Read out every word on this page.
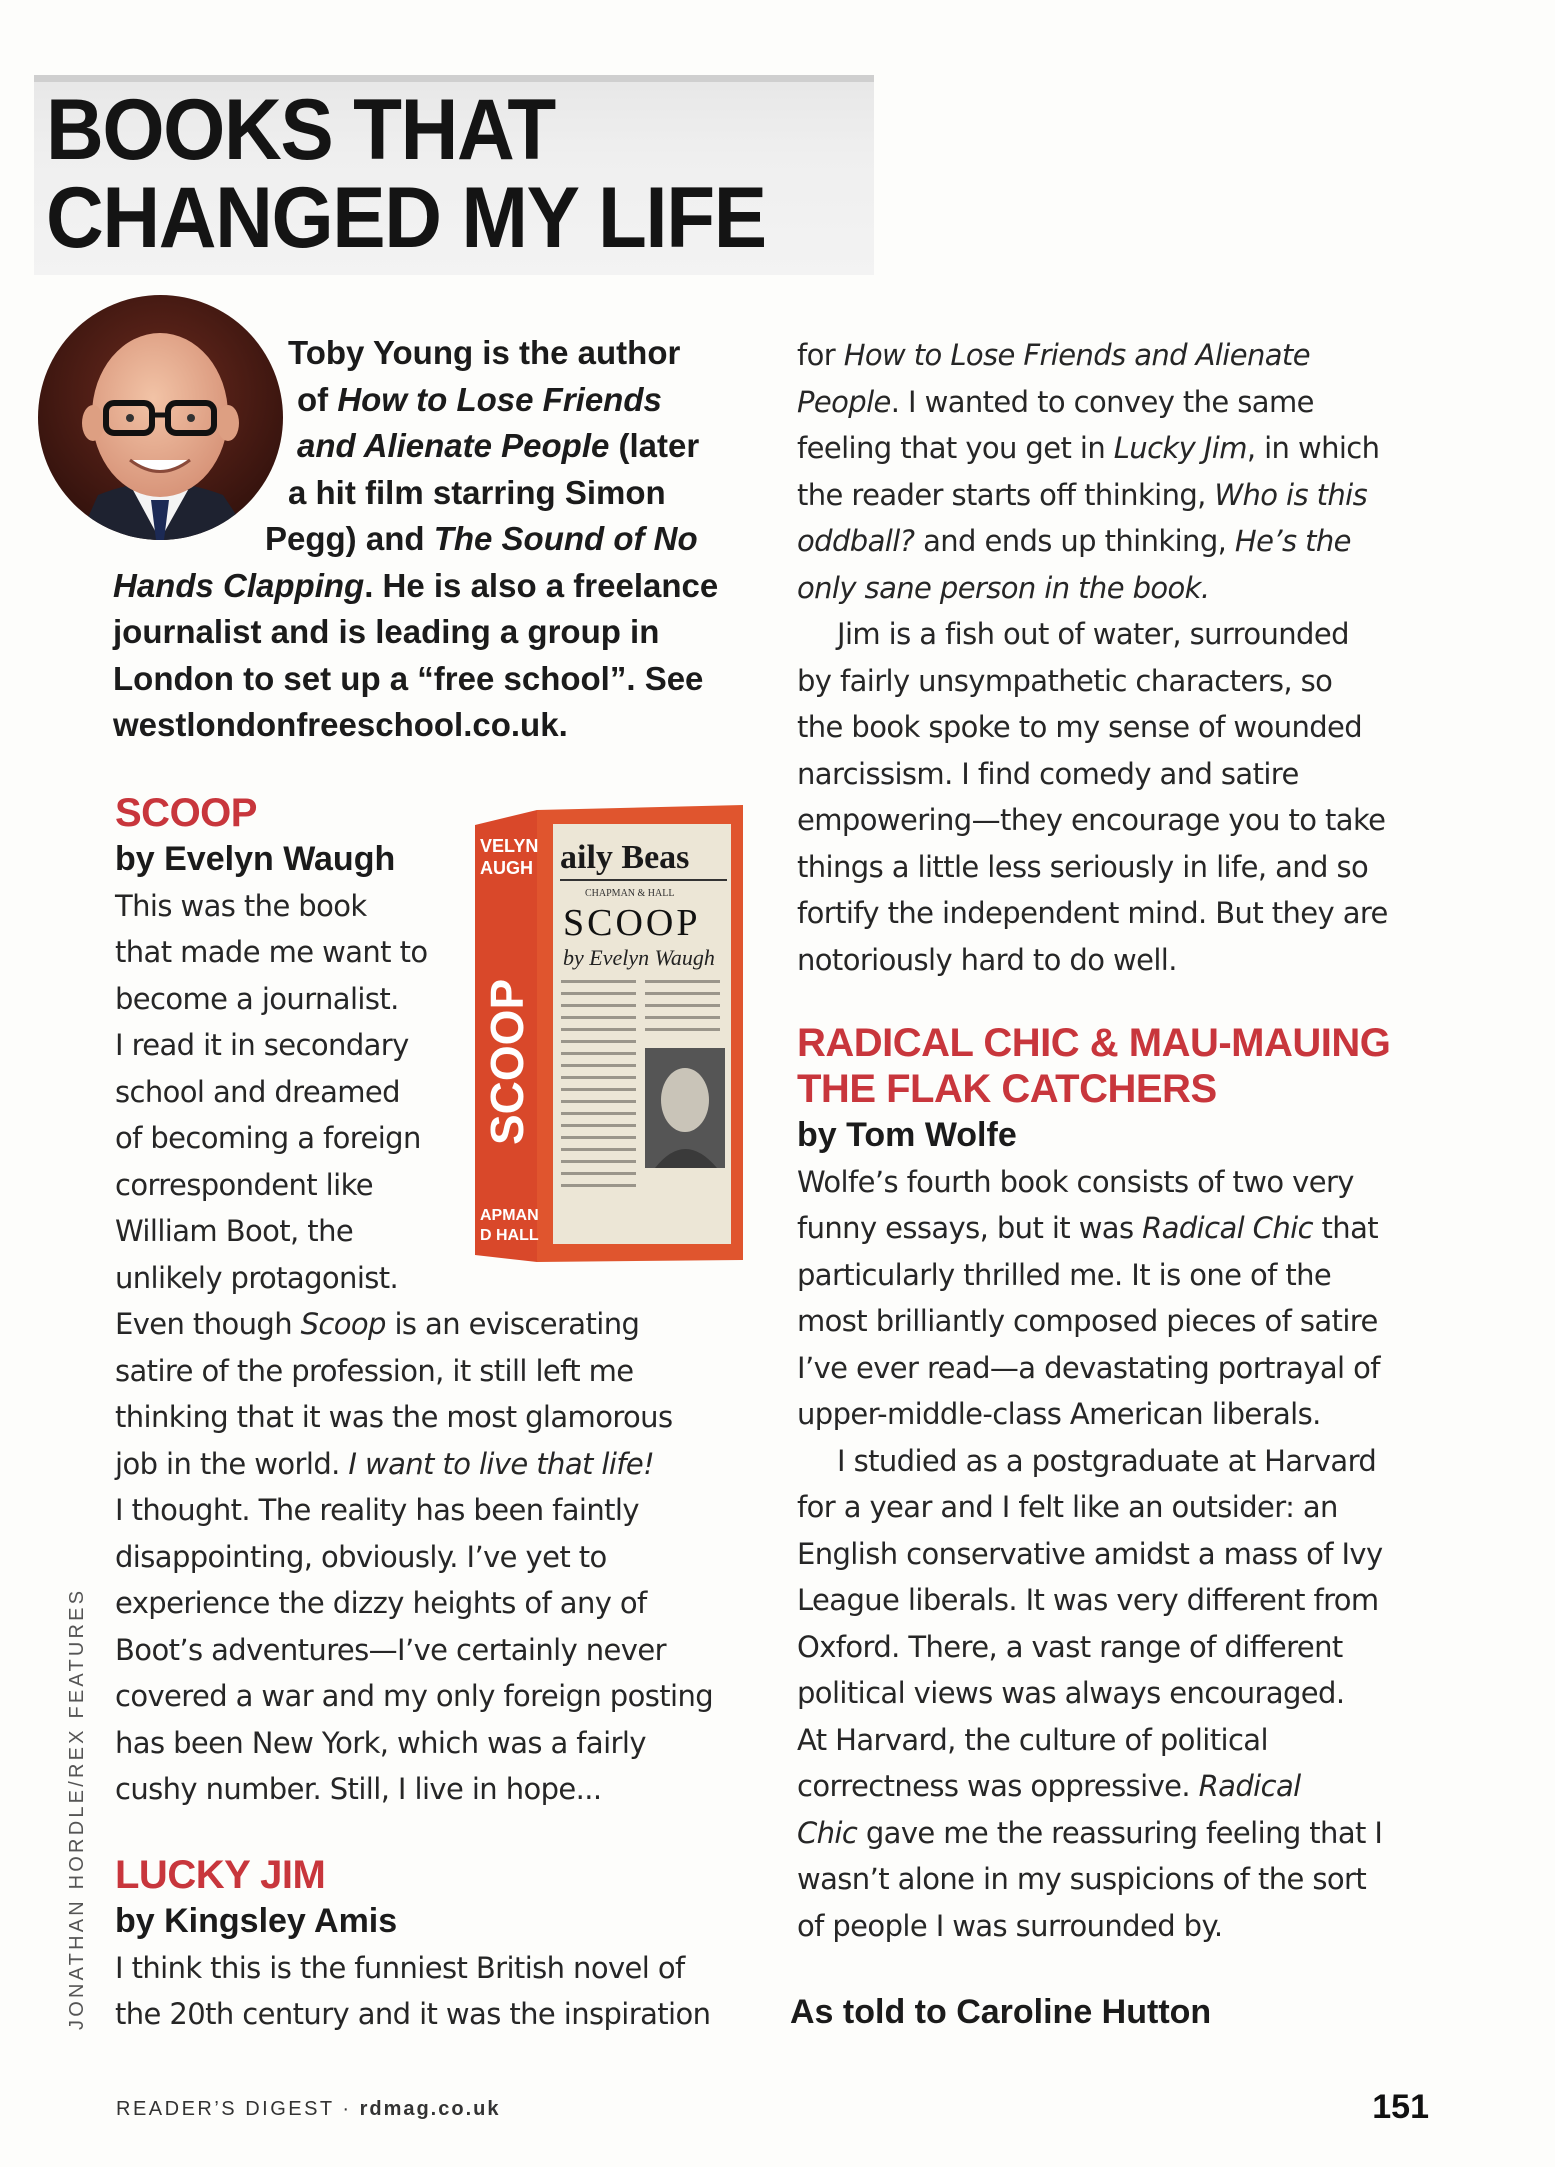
BOOKS THAT
CHANGED MY LIFE
Toby Young is the author
of How to Lose Friends
and Alienate People (later
a hit film starring Simon
Pegg) and The Sound of No
Hands Clapping. He is also a freelance
journalist and is leading a group in
London to set up a “free school”. See
westlondonfreeschool.co.uk.
SCOOP
by Evelyn Waugh
This was the book
that made me want to
become a journalist.
I read it in secondary
school and dreamed
of becoming a foreign
correspondent like
William Boot, the
unlikely protagonist.
Even though Scoop is an eviscerating
satire of the profession, it still left me
thinking that it was the most glamorous
job in the world. I want to live that life!
I thought. The reality has been faintly
disappointing, obviously. I’ve yet to
experience the dizzy heights of any of
Boot’s adventures—I’ve certainly never
covered a war and my only foreign posting
has been New York, which was a fairly
cushy number. Still, I live in hope...
VELYN
AUGH
SCOOP
APMAN
D HALL
aily Beas
CHAPMAN & HALL
SCOOP
by Evelyn Waugh
LUCKY JIM
by Kingsley Amis
I think this is the funniest British novel of
the 20th century and it was the inspiration
for How to Lose Friends and Alienate
People. I wanted to convey the same
feeling that you get in Lucky Jim, in which
the reader starts off thinking, Who is this
oddball? and ends up thinking, He’s the
only sane person in the book.
Jim is a fish out of water, surrounded
by fairly unsympathetic characters, so
the book spoke to my sense of wounded
narcissism. I find comedy and satire
empowering—they encourage you to take
things a little less seriously in life, and so
fortify the independent mind. But they are
notoriously hard to do well.
RADICAL CHIC & MAU-MAUING
THE FLAK CATCHERS
by Tom Wolfe
Wolfe’s fourth book consists of two very
funny essays, but it was Radical Chic that
particularly thrilled me. It is one of the
most brilliantly composed pieces of satire
I’ve ever read—a devastating portrayal of
upper-middle-class American liberals.
I studied as a postgraduate at Harvard
for a year and I felt like an outsider: an
English conservative amidst a mass of Ivy
League liberals. It was very different from
Oxford. There, a vast range of different
political views was always encouraged.
At Harvard, the culture of political
correctness was oppressive. Radical
Chic gave me the reassuring feeling that I
wasn’t alone in my suspicions of the sort
of people I was surrounded by.
As told to Caroline Hutton
JONATHAN HORDLE/REX FEATURES
READER’S DIGEST · rdmag.co.uk	151
